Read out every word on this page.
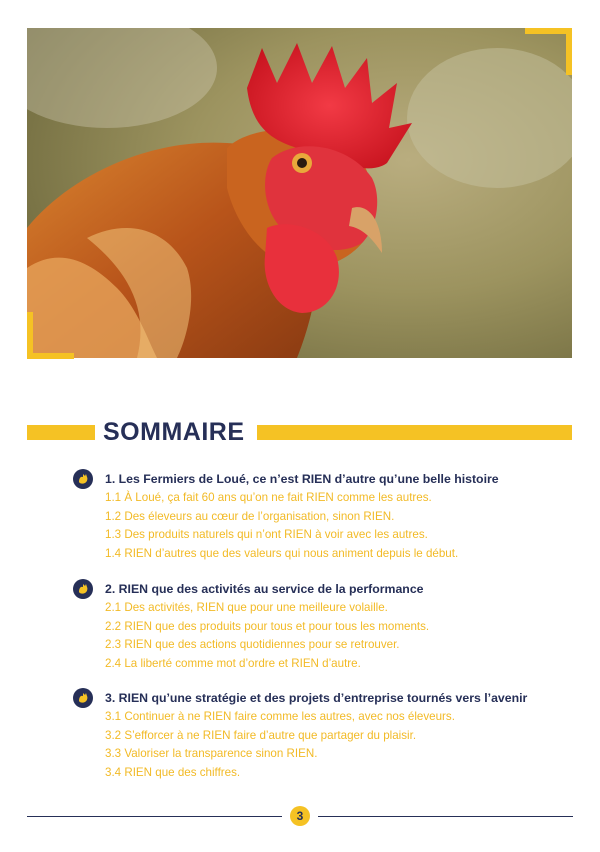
SOMMAIRE
1. Les Fermiers de Loué, ce n’est RIEN d’autre qu’une belle histoire
1.1 À Loué, ça fait 60 ans qu’on ne fait RIEN comme les autres.
1.2 Des éleveurs au cœur de l’organisation, sinon RIEN.
1.3 Des produits naturels qui n’ont RIEN à voir avec les autres.
1.4 RIEN d’autres que des valeurs qui nous animent depuis le début.
2. RIEN que des activités au service de la performance
2.1 Des activités, RIEN que pour une meilleure volaille.
2.2 RIEN que des produits pour tous et pour tous les moments.
2.3 RIEN que des actions quotidiennes pour se retrouver.
2.4 La liberté comme mot d’ordre et RIEN d’autre.
3. RIEN qu’une stratégie et des projets d’entreprise tournés vers l’avenir
3.1 Continuer à ne RIEN faire comme les autres, avec nos éleveurs.
3.2 S’efforcer à ne RIEN faire d’autre que partager du plaisir.
3.3 Valoriser la transparence sinon RIEN.
3.4 RIEN que des chiffres.
3
